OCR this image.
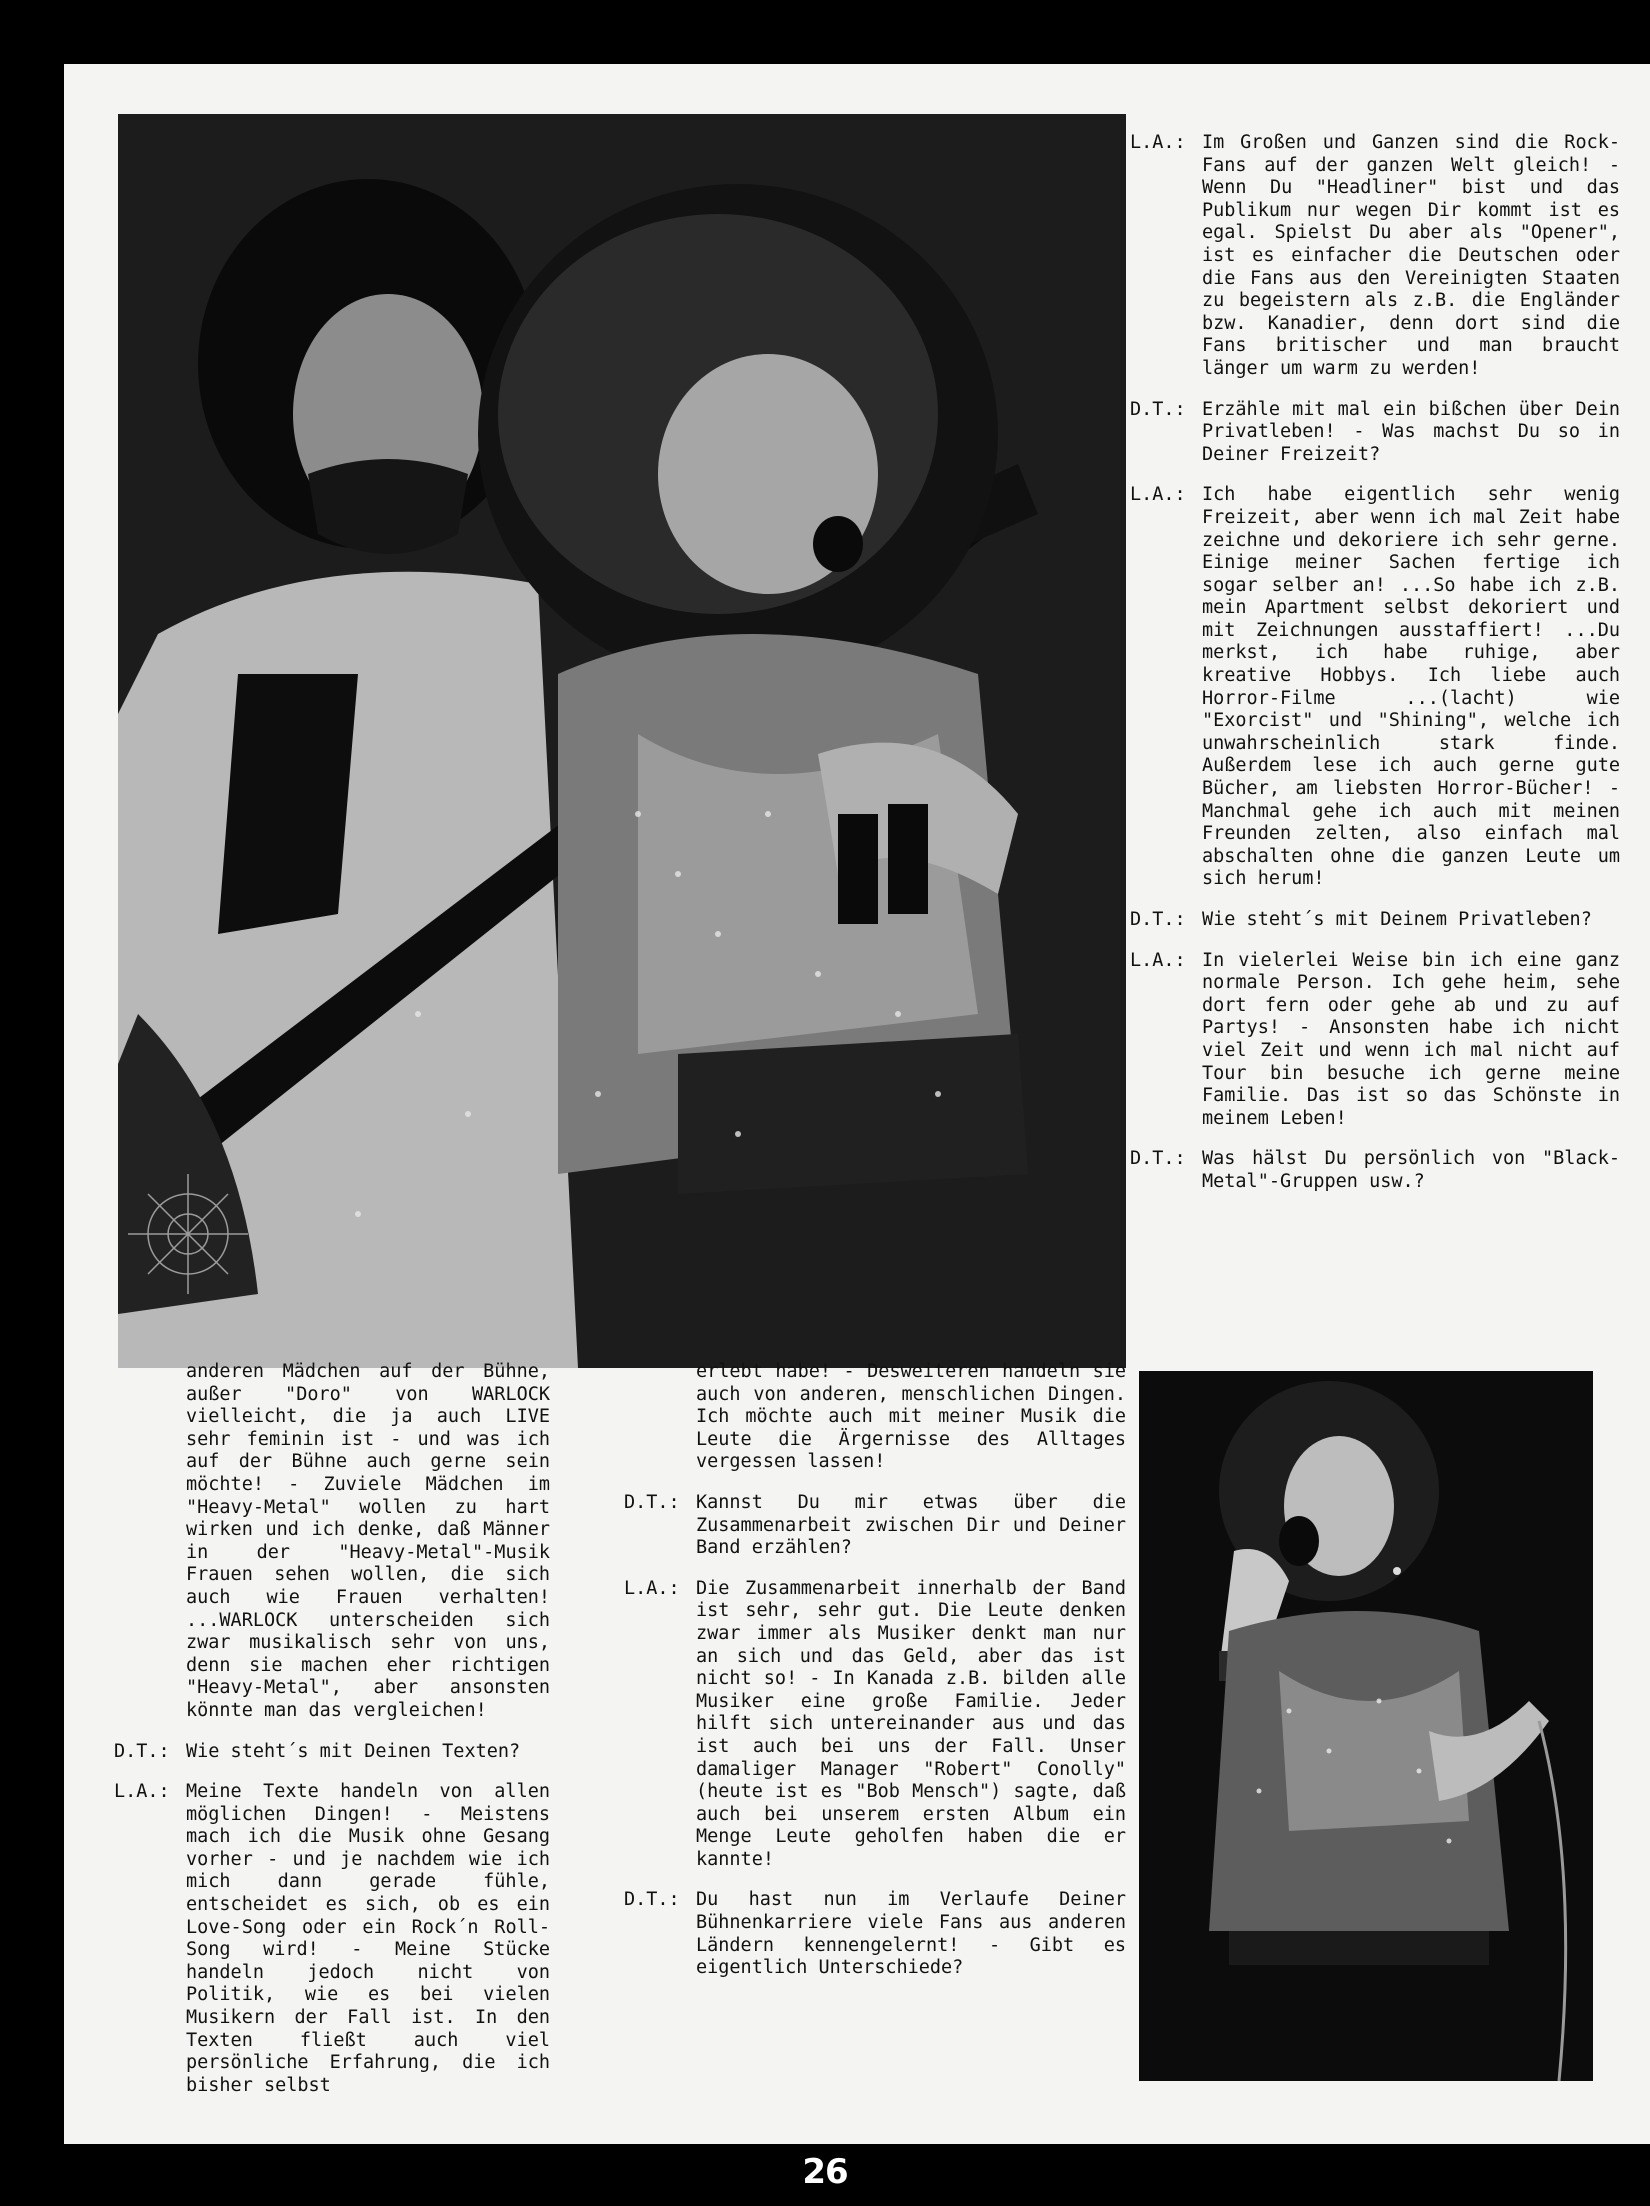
L.A.: Im Großen und Ganzen sind die Rock-Fans auf der ganzen Welt gleich! - Wenn Du "Headliner" bist und das Publikum nur wegen Dir kommt ist es egal. Spielst Du aber als "Opener", ist es einfacher die Deutschen oder die Fans aus den Vereinigten Staaten zu begeistern als z.B. die Engländer bzw. Kanadier, denn dort sind die Fans britischer und man braucht länger um warm zu werden!
D.T.: Erzähle mit mal ein bißchen über Dein Privatleben! - Was machst Du so in Deiner Freizeit?
L.A.: Ich habe eigentlich sehr wenig Freizeit, aber wenn ich mal Zeit habe zeichne und dekoriere ich sehr gerne. Einige meiner Sachen fertige ich sogar selber an! ...So habe ich z.B. mein Apartment selbst dekoriert und mit Zeichnungen ausstaffiert! ...Du merkst, ich habe ruhige, aber kreative Hobbys. Ich liebe auch Horror-Filme ...(lacht) wie "Exorcist" und "Shining", welche ich unwahrscheinlich stark finde. Außerdem lese ich auch gerne gute Bücher, am liebsten Horror-Bücher! - Manchmal gehe ich auch mit meinen Freunden zelten, also einfach mal abschalten ohne die ganzen Leute um sich herum!
D.T.: Wie steht´s mit Deinem Privatleben?
L.A.: In vielerlei Weise bin ich eine ganz normale Person. Ich gehe heim, sehe dort fern oder gehe ab und zu auf Partys! - Ansonsten habe ich nicht viel Zeit und wenn ich mal nicht auf Tour bin besuche ich gerne meine Familie. Das ist so das Schönste in meinem Leben!
D.T.: Was hälst Du persönlich von "Black-Metal"-Gruppen usw.?
anderen Mädchen auf der Bühne, außer "Doro" von WARLOCK vielleicht, die ja auch LIVE sehr feminin ist - und was ich auf der Bühne auch gerne sein möchte! - Zuviele Mädchen im "Heavy-Metal" wollen zu hart wirken und ich denke, daß Männer in der "Heavy-Metal"-Musik Frauen sehen wollen, die sich auch wie Frauen verhalten! ...WARLOCK unterscheiden sich zwar musikalisch sehr von uns, denn sie machen eher richtigen "Heavy-Metal", aber ansonsten könnte man das vergleichen!
D.T.: Wie steht´s mit Deinen Texten?
L.A.: Meine Texte handeln von allen möglichen Dingen! - Meistens mach ich die Musik ohne Gesang vorher - und je nachdem wie ich mich dann gerade fühle, entscheidet es sich, ob es ein Love-Song oder ein Rock´n Roll-Song wird! - Meine Stücke handeln jedoch nicht von Politik, wie es bei vielen Musikern der Fall ist. In den Texten fließt auch viel persönliche Erfahrung, die ich bisher selbst
erlebt habe! - Desweiteren handeln sie auch von anderen, menschlichen Dingen. Ich möchte auch mit meiner Musik die Leute die Ärgernisse des Alltages vergessen lassen!
D.T.: Kannst Du mir etwas über die Zusammenarbeit zwischen Dir und Deiner Band erzählen?
L.A.: Die Zusammenarbeit innerhalb der Band ist sehr, sehr gut. Die Leute denken zwar immer als Musiker denkt man nur an sich und das Geld, aber das ist nicht so! - In Kanada z.B. bilden alle Musiker eine große Familie. Jeder hilft sich untereinander aus und das ist auch bei uns der Fall. Unser damaliger Manager "Robert" Conolly" (heute ist es "Bob Mensch") sagte, daß auch bei unserem ersten Album ein Menge Leute geholfen haben die er kannte!
D.T.: Du hast nun im Verlaufe Deiner Bühnenkarriere viele Fans aus anderen Ländern kennengelernt! - Gibt es eigentlich Unterschiede?
26
